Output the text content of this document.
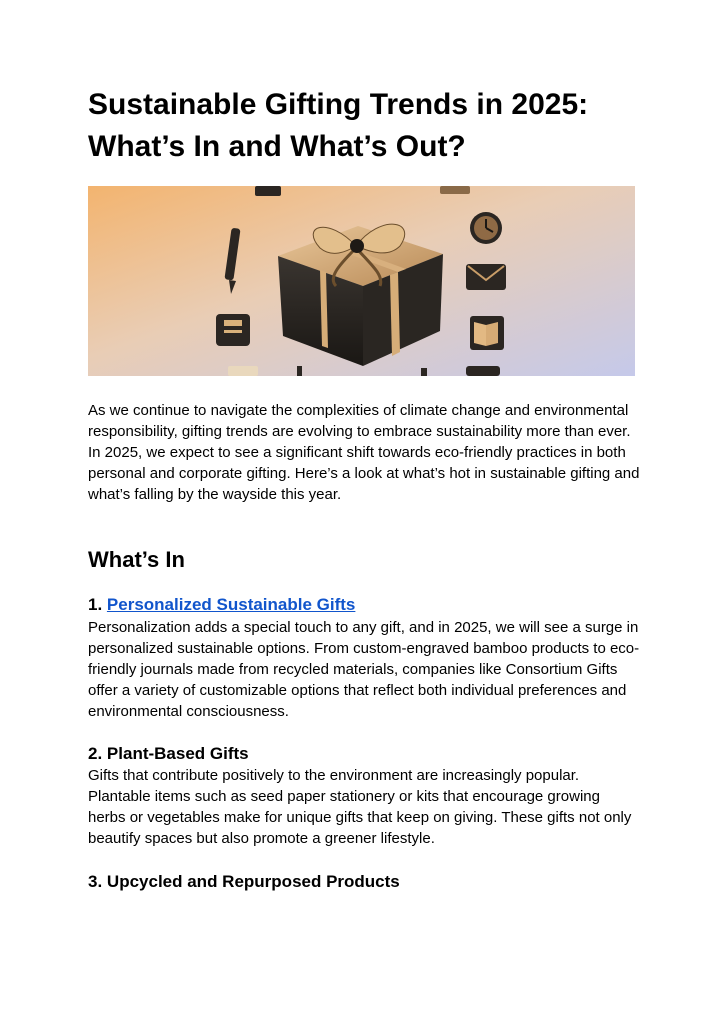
Sustainable Gifting Trends in 2025: What’s In and What’s Out?

As we continue to navigate the complexities of climate change and environmental responsibility, gifting trends are evolving to embrace sustainability more than ever. In 2025, we expect to see a significant shift towards eco-friendly practices in both personal and corporate gifting. Here’s a look at what’s hot in sustainable gifting and what’s falling by the wayside this year.

What’s In
1. Personalized Sustainable Gifts

Personalization adds a special touch to any gift, and in 2025, we will see a surge in personalized sustainable options. From custom-engraved bamboo products to eco-friendly journals made from recycled materials, companies like Consortium Gifts offer a variety of customizable options that reflect both individual preferences and environmental consciousness.

2. Plant-Based Gifts

Gifts that contribute positively to the environment are increasingly popular. Plantable items such as seed paper stationery or kits that encourage growing herbs or vegetables make for unique gifts that keep on giving. These gifts not only beautify spaces but also promote a greener lifestyle.

3. Upcycled and Repurposed Products
